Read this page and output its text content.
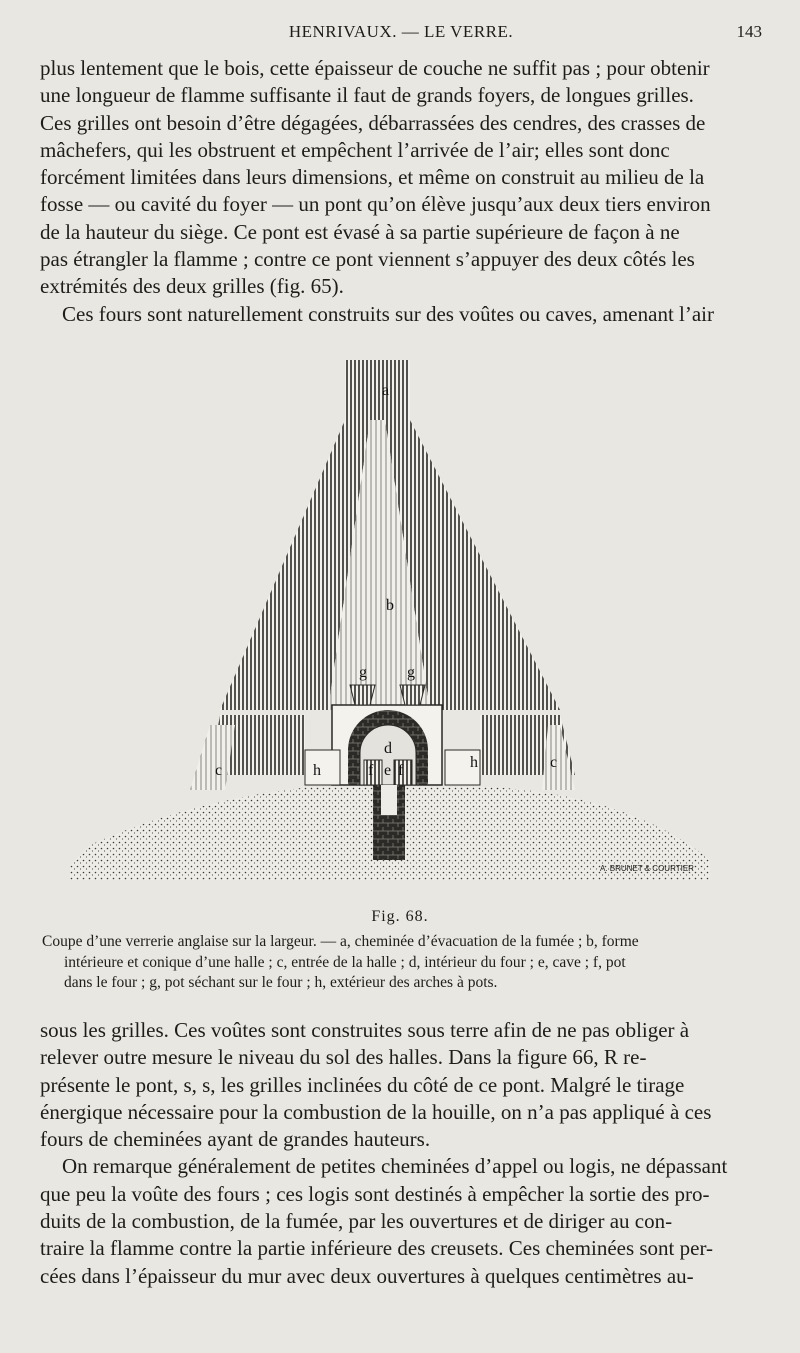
HENRIVAUX. — LE VERRE.	143

plus lentement que le bois, cette épaisseur de couche ne suffit pas ; pour obtenir
une longueur de flamme suffisante il faut de grands foyers, de longues grilles.
Ces grilles ont besoin d’être dégagées, débarrassées des cendres, des crasses de
mâchefers, qui les obstruent et empêchent l’arrivée de l’air; elles sont donc
forcément limitées dans leurs dimensions, et même on construit au milieu de la
fosse — ou cavité du foyer — un pont qu’on élève jusqu’aux deux tiers environ
de la hauteur du siège. Ce pont est évasé à sa partie supérieure de façon à ne
pas étrangler la flamme ; contre ce pont viennent s’appuyer des deux côtés les
extrémités des deux grilles (fig. 65).

Ces fours sont naturellement construits sur des voûtes ou caves, amenant l’air

a
b
c	c
d
e
f f
g	g
h	h
A. BRUNET & COURTIER
Fig. 68.
Coupe d’une verrerie anglaise sur la largeur. — a, cheminée d’évacuation de la fumée ; b, forme
intérieure et conique d’une halle ; c, entrée de la halle ; d, intérieur du four ; e, cave ; f, pot
dans le four ; g, pot séchant sur le four ; h, extérieur des arches à pots.

sous les grilles. Ces voûtes sont construites sous terre afin de ne pas obliger à
relever outre mesure le niveau du sol des halles. Dans la figure 66, R re-
présente le pont, s, s, les grilles inclinées du côté de ce pont. Malgré le tirage
énergique nécessaire pour la combustion de la houille, on n’a pas appliqué à ces
fours de cheminées ayant de grandes hauteurs.

On remarque généralement de petites cheminées d’appel ou logis, ne dépassant
que peu la voûte des fours ; ces logis sont destinés à empêcher la sortie des pro-
duits de la combustion, de la fumée, par les ouvertures et de diriger au con-
traire la flamme contre la partie inférieure des creusets. Ces cheminées sont per-
cées dans l’épaisseur du mur avec deux ouvertures à quelques centimètres au-
